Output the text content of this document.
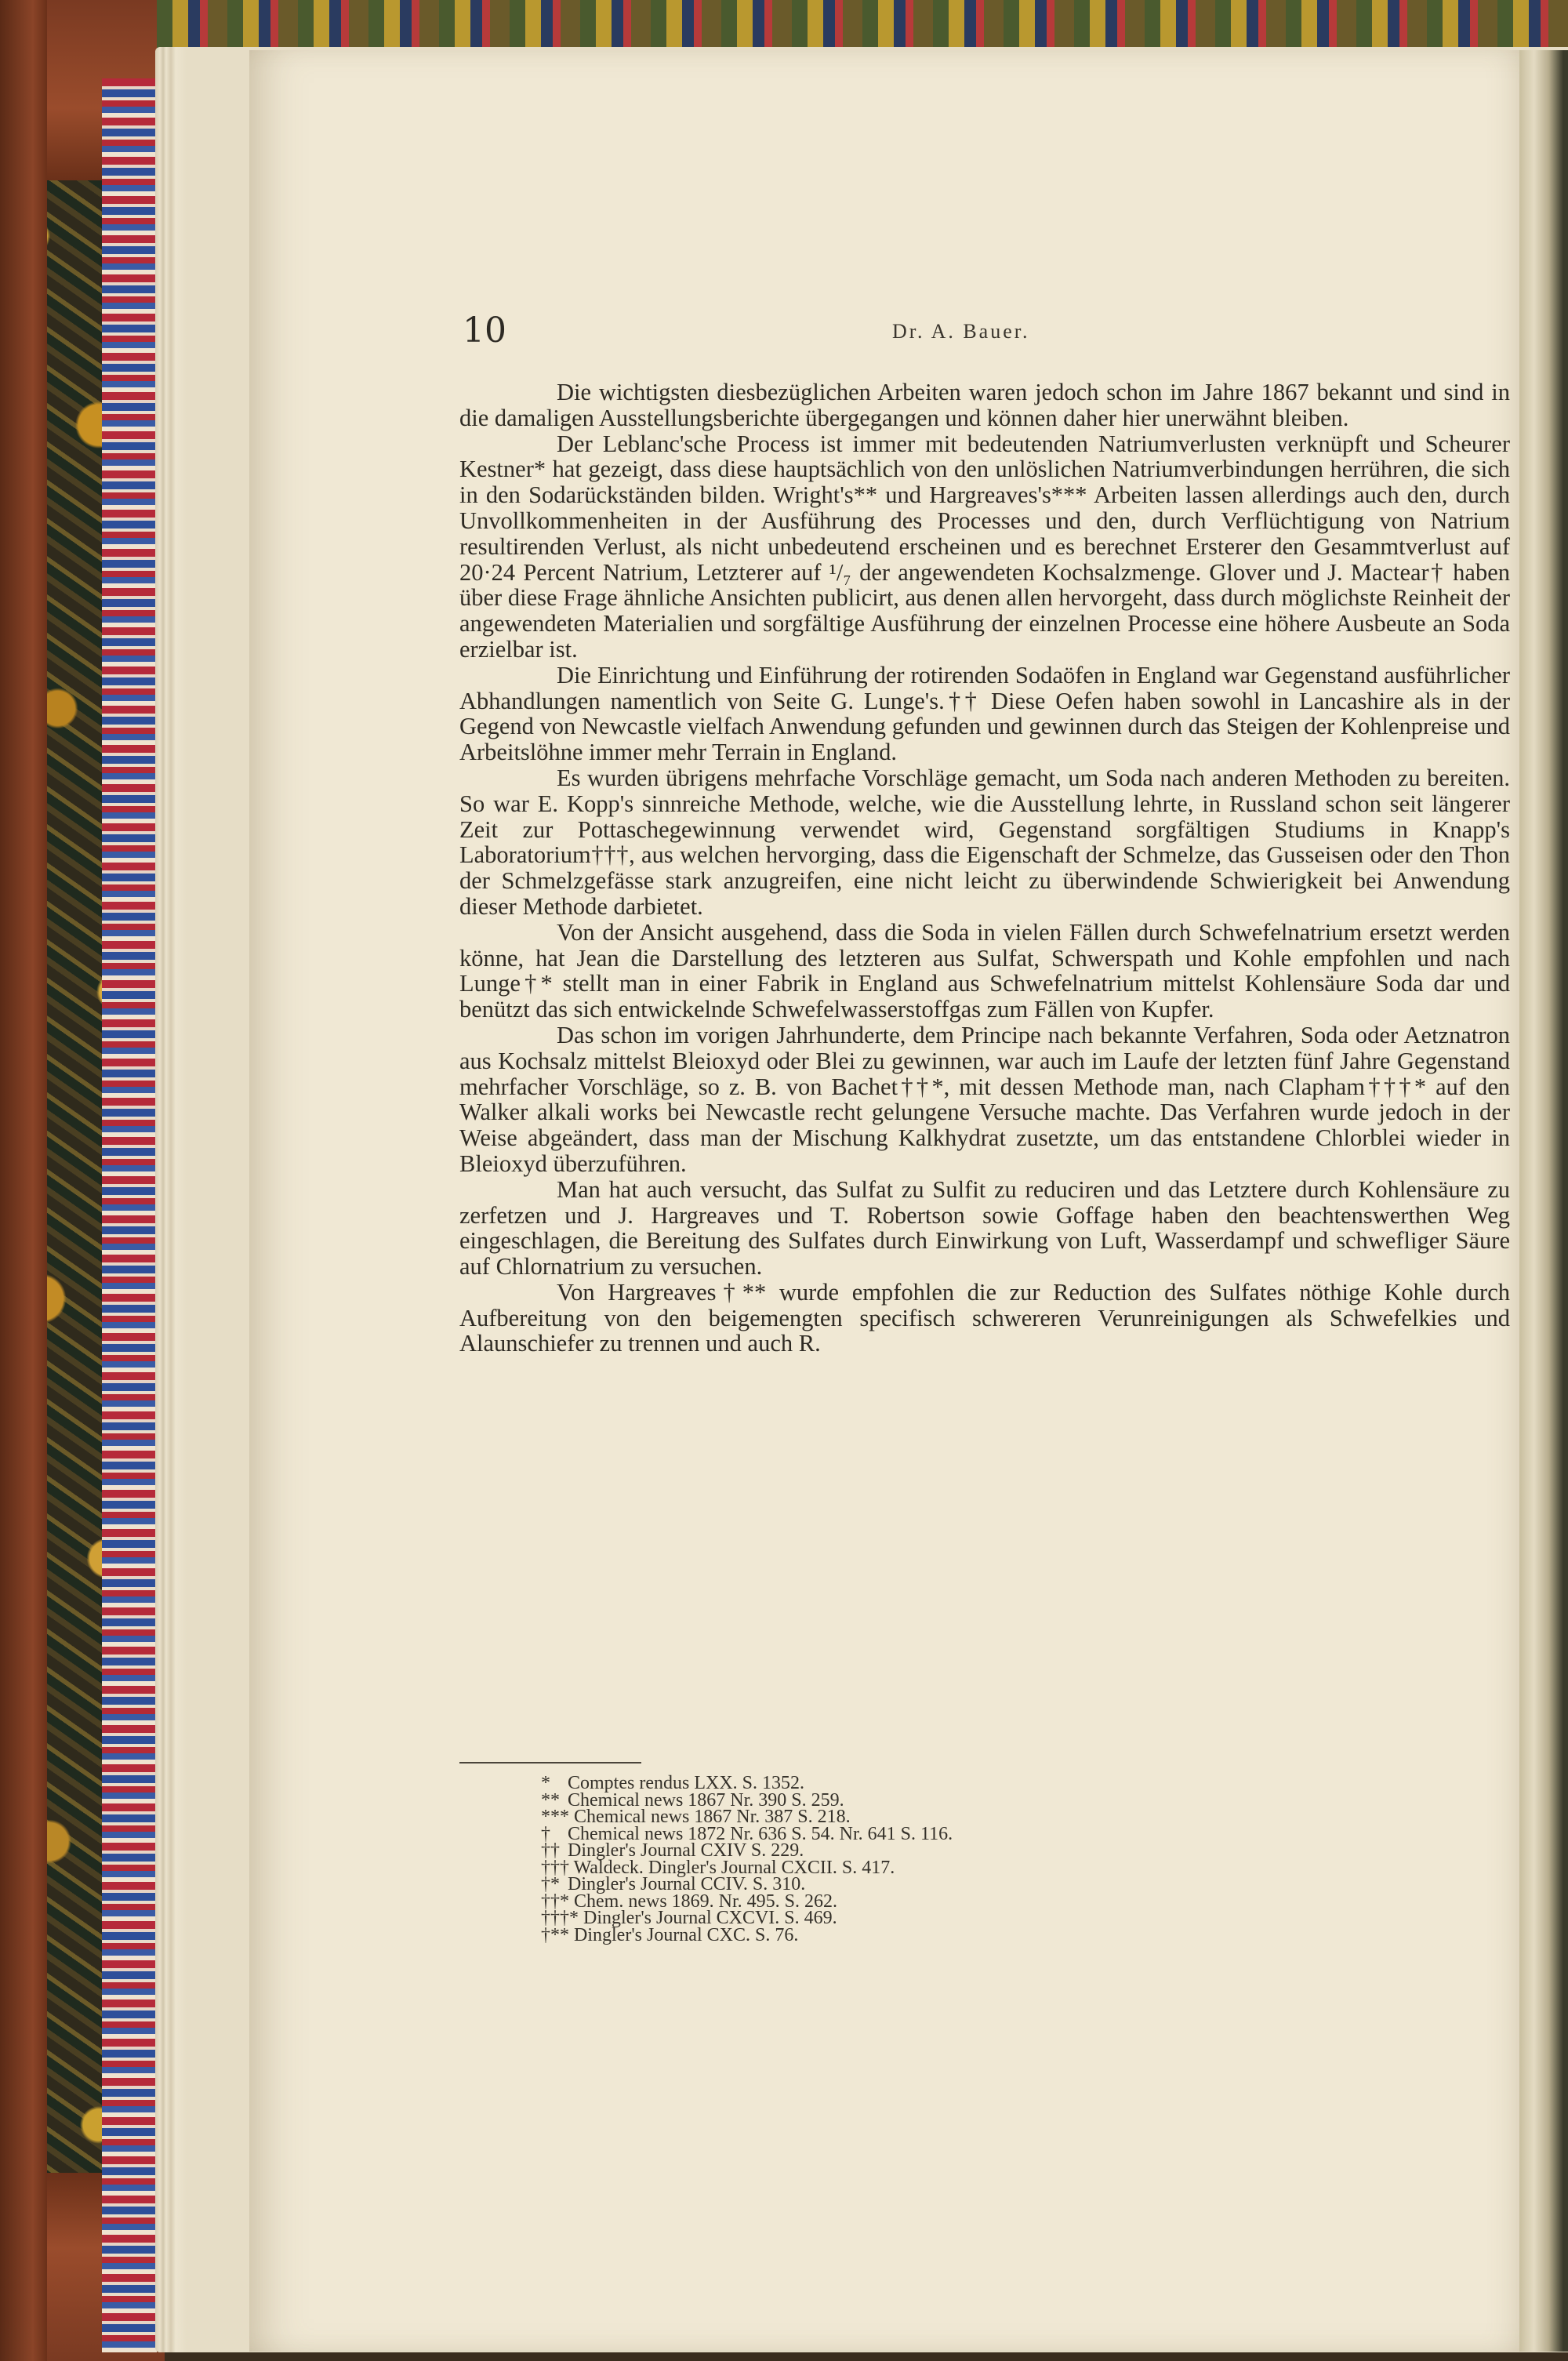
10	Dr. A. Bauer.

Die wichtigsten diesbezüglichen Arbeiten waren jedoch schon im Jahre 1867 bekannt und sind in die damaligen Ausstellungsberichte übergegangen und können daher hier unerwähnt bleiben.

Der Leblanc'sche Process ist immer mit bedeutenden Natriumverlusten verknüpft und Scheurer Kestner* hat gezeigt, dass diese hauptsächlich von den unlöslichen Natriumverbindungen herrühren, die sich in den Sodarückständen bilden. Wright's** und Hargreaves's*** Arbeiten lassen allerdings auch den, durch Unvollkommenheiten in der Ausführung des Processes und den, durch Verflüchtigung von Natrium resultirenden Verlust, als nicht unbedeutend erscheinen und es berechnet Ersterer den Gesammtverlust auf 20·24 Percent Natrium, Letzterer auf ¹/₇ der angewendeten Kochsalzmenge. Glover und J. Mactear† haben über diese Frage ähnliche Ansichten publicirt, aus denen allen hervorgeht, dass durch möglichste Reinheit der angewendeten Materialien und sorgfältige Ausführung der einzelnen Processe eine höhere Ausbeute an Soda erzielbar ist.

Die Einrichtung und Einführung der rotirenden Sodaöfen in England war Gegenstand ausführlicher Abhandlungen namentlich von Seite G. Lunge's.†† Diese Oefen haben sowohl in Lancashire als in der Gegend von Newcastle vielfach Anwendung gefunden und gewinnen durch das Steigen der Kohlenpreise und Arbeitslöhne immer mehr Terrain in England.

Es wurden übrigens mehrfache Vorschläge gemacht, um Soda nach anderen Methoden zu bereiten. So war E. Kopp's sinnreiche Methode, welche, wie die Ausstellung lehrte, in Russland schon seit längerer Zeit zur Pottaschegewinnung verwendet wird, Gegenstand sorgfältigen Studiums in Knapp's Laboratorium†††, aus welchen hervorging, dass die Eigenschaft der Schmelze, das Gusseisen oder den Thon der Schmelzgefässe stark anzugreifen, eine nicht leicht zu überwindende Schwierigkeit bei Anwendung dieser Methode darbietet.

Von der Ansicht ausgehend, dass die Soda in vielen Fällen durch Schwefelnatrium ersetzt werden könne, hat Jean die Darstellung des letzteren aus Sulfat, Schwerspath und Kohle empfohlen und nach Lunge†* stellt man in einer Fabrik in England aus Schwefelnatrium mittelst Kohlensäure Soda dar und benützt das sich entwickelnde Schwefelwasserstoffgas zum Fällen von Kupfer.

Das schon im vorigen Jahrhunderte, dem Principe nach bekannte Verfahren, Soda oder Aetznatron aus Kochsalz mittelst Bleioxyd oder Blei zu gewinnen, war auch im Laufe der letzten fünf Jahre Gegenstand mehrfacher Vorschläge, so z. B. von Bachet††*, mit dessen Methode man, nach Clapham†††* auf den Walker alkali works bei Newcastle recht gelungene Versuche machte. Das Verfahren wurde jedoch in der Weise abgeändert, dass man der Mischung Kalkhydrat zusetzte, um das entstandene Chlorblei wieder in Bleioxyd überzuführen.

Man hat auch versucht, das Sulfat zu Sulfit zu reduciren und das Letztere durch Kohlensäure zu zerfetzen und J. Hargreaves und T. Robertson sowie Goffage haben den beachtenswerthen Weg eingeschlagen, die Bereitung des Sulfates durch Einwirkung von Luft, Wasserdampf und schwefliger Säure auf Chlornatrium zu versuchen.

Von Hargreaves†** wurde empfohlen die zur Reduction des Sulfates nöthige Kohle durch Aufbereitung von den beigemengten specifisch schwereren Verunreinigungen als Schwefelkies und Alaunschiefer zu trennen und auch R.

* Comptes rendus LXX. S. 1352.
** Chemical news 1867 Nr. 390 S. 259.
*** Chemical news 1867 Nr. 387 S. 218.
† Chemical news 1872 Nr. 636 S. 54. Nr. 641 S. 116.
†† Dingler's Journal CXIV S. 229.
††† Waldeck. Dingler's Journal CXCII. S. 417.
†* Dingler's Journal CCIV. S. 310.
††* Chem. news 1869. Nr. 495. S. 262.
†††* Dingler's Journal CXCVI. S. 469.
†** Dingler's Journal CXC. S. 76.
